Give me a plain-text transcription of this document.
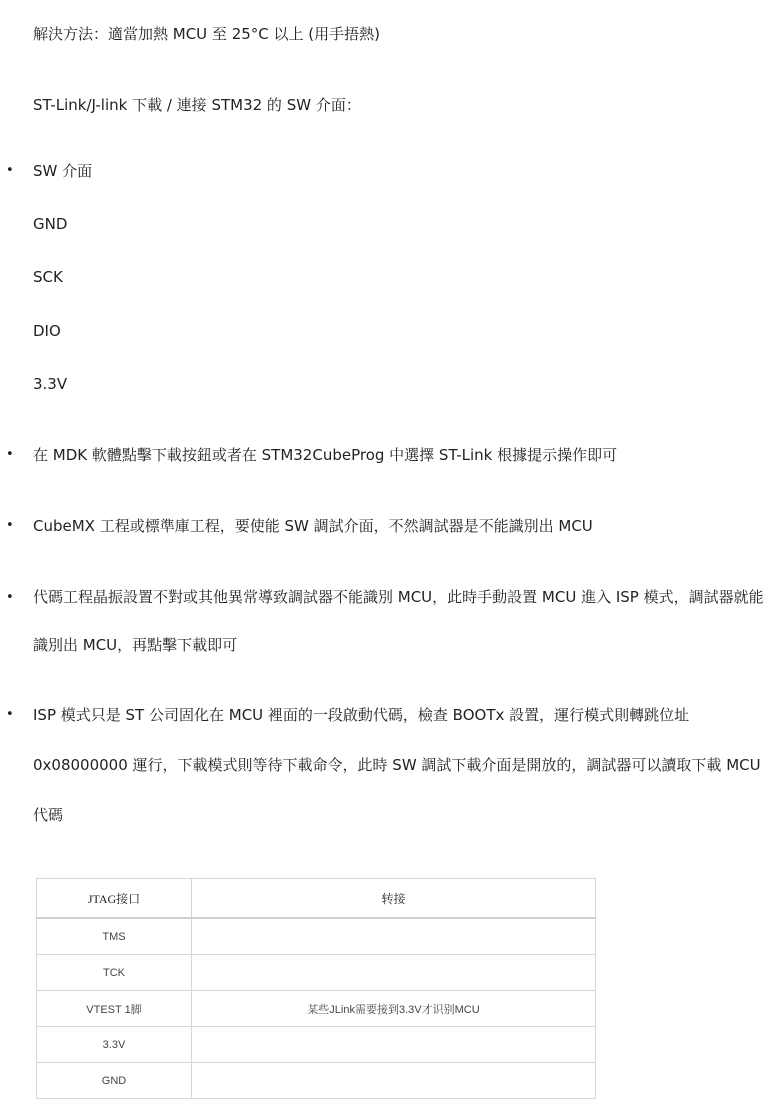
解決方法：適當加熱 MCU 至 25°C 以上 (用手捂熱)
ST-Link/J-link 下載 / 連接 STM32 的 SW 介面：
•
SW 介面
GND
SCK
DIO
3.3V
•
在 MDK 軟體點擊下載按鈕或者在 STM32CubeProg 中選擇 ST-Link 根據提示操作即可
•
CubeMX 工程或標準庫工程，要使能 SW 調試介面，不然調試器是不能識別出 MCU
•
代碼工程晶振設置不對或其他異常導致調試器不能識別 MCU，此時手動設置 MCU 進入 ISP 模式，調試器就能識別出 MCU，再點擊下載即可
•
ISP 模式只是 ST 公司固化在 MCU 裡面的一段啟動代碼，檢查 BOOTx 設置，運行模式則轉跳位址 0x08000000 運行，下載模式則等待下載命令，此時 SW 調試下載介面是開放的，調試器可以讀取下載 MCU 代碼
JTAG接口	转接
TMS	
TCK	
VTEST 1脚	某些JLink需要接到3.3V才识别MCU
3.3V	
GND	
